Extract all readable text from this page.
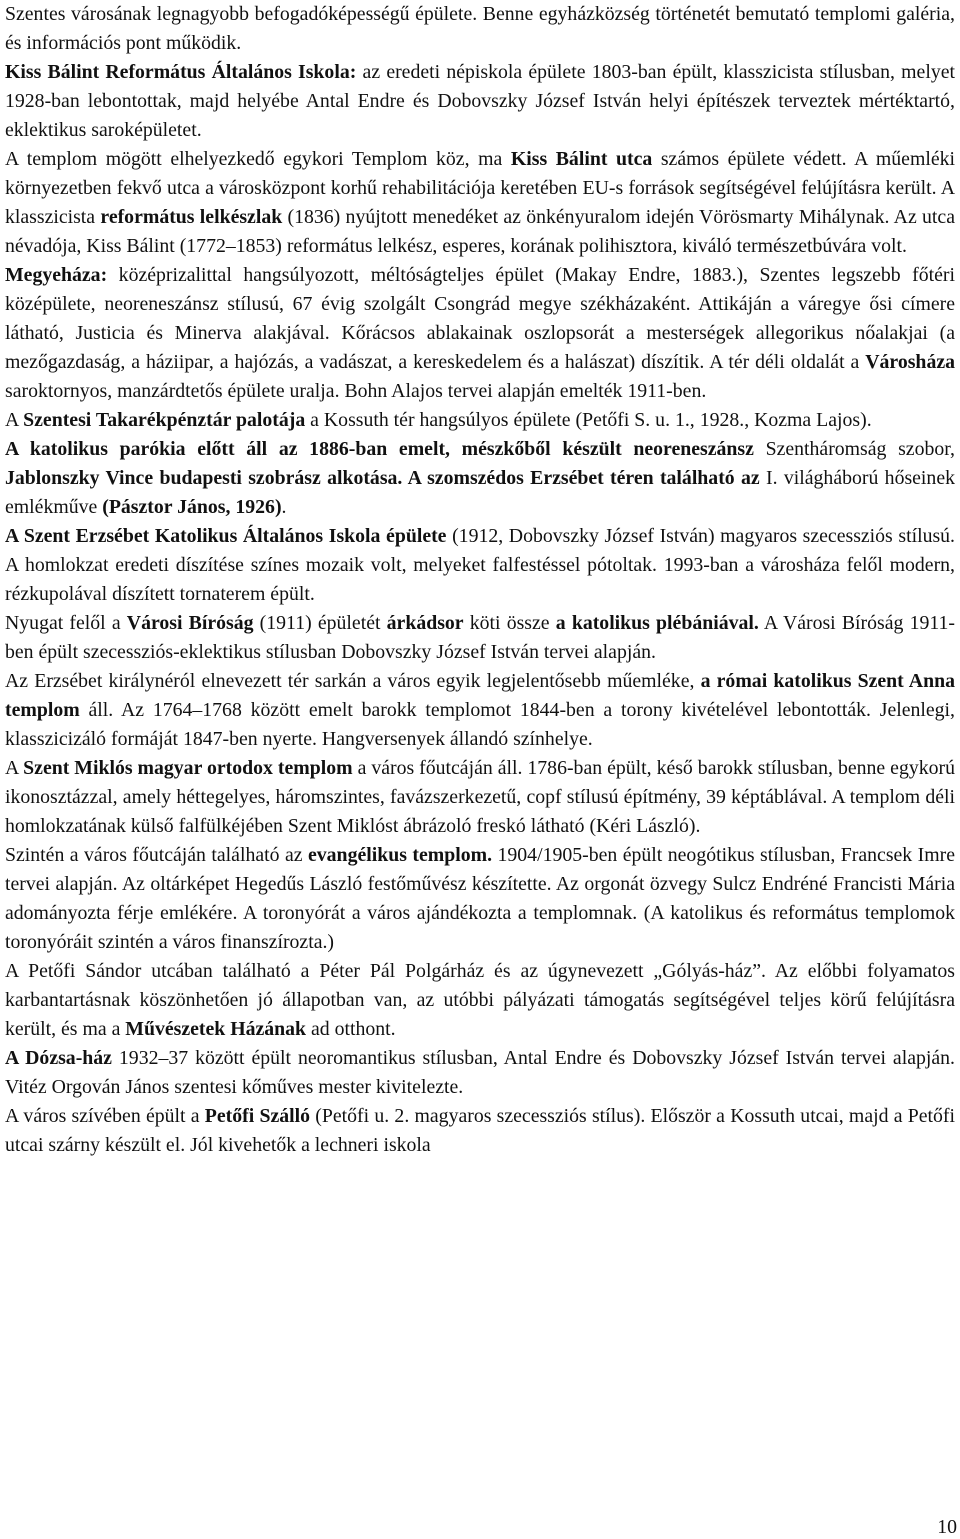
Szentes városának legnagyobb befogadóképességű épülete. Benne egyházközség történetét bemutató templomi galéria, és információs pont működik.

Kiss Bálint Református Általános Iskola: az eredeti népiskola épülete 1803-ban épült, klasszicista stílusban, melyet 1928-ban lebontottak, majd helyébe Antal Endre és Dobovszky József István helyi építészek terveztek mértéktartó, eklektikus saroképületet.

A templom mögött elhelyezkedő egykori Templom köz, ma Kiss Bálint utca számos épülete védett. A műemléki környezetben fekvő utca a városközpont korhű rehabilitációja keretében EU-s források segítségével felújításra került. A klasszicista református lelkészlak (1836) nyújtott menedéket az önkényuralom idején Vörösmarty Mihálynak. Az utca névadója, Kiss Bálint (1772–1853) református lelkész, esperes, korának polihisztora, kiváló természetbúvára volt.

Megyeháza: középrizalittal hangsúlyozott, méltóságteljes épület (Makay Endre, 1883.), Szentes legszebb főtéri középülete, neoreneszánsz stílusú, 67 évig szolgált Csongrád megye székházaként. Attikáján a váregye ősi címere látható, Justicia és Minerva alakjával. Kőrácsos ablakainak oszlopsorát a mesterségek allegorikus nőalakjai (a mezőgazdaság, a háziipar, a hajózás, a vadászat, a kereskedelem és a halászat) díszítik. A tér déli oldalát a Városháza saroktornyos, manzárdtetős épülete uralja. Bohn Alajos tervei alapján emelték 1911-ben.

A Szentesi Takarékpénztár palotája a Kossuth tér hangsúlyos épülete (Petőfi S. u. 1., 1928., Kozma Lajos).

A katolikus parókia előtt áll az 1886-ban emelt, mészkőből készült neoreneszánsz Szentháromság szobor, Jablonszky Vince budapesti szobrász alkotása. A szomszédos Erzsébet téren található az I. világháború hőseinek emlékműve (Pásztor János, 1926).

A Szent Erzsébet Katolikus Általános Iskola épülete (1912, Dobovszky József István) magyaros szecessziós stílusú. A homlokzat eredeti díszítése színes mozaik volt, melyeket falfestéssel pótoltak. 1993-ban a városháza felől modern, rézkupolával díszített tornaterem épült.

Nyugat felől a Városi Bíróság (1911) épületét árkádsor köti össze a katolikus plébániával. A Városi Bíróság 1911-ben épült szecessziós-eklektikus stílusban Dobovszky József István tervei alapján.

Az Erzsébet királynéról elnevezett tér sarkán a város egyik legjelentősebb műemléke, a római katolikus Szent Anna templom áll. Az 1764–1768 között emelt barokk templomot 1844-ben a torony kivételével lebontották. Jelenlegi, klasszicizáló formáját 1847-ben nyerte. Hangversenyek állandó színhelye.

A Szent Miklós magyar ortodox templom a város főutcáján áll. 1786-ban épült, késő barokk stílusban, benne egykorú ikonosztázzal, amely héttegelyes, háromszintes, favázszerkezetű, copf stílusú építmény, 39 képtáblával. A templom déli homlokzatának külső falfülkéjében Szent Miklóst ábrázoló freskó látható (Kéri László).

Szintén a város főutcáján található az evangélikus templom. 1904/1905-ben épült neogótikus stílusban, Francsek Imre tervei alapján. Az oltárképet Hegedűs László festőművész készítette. Az orgonát özvegy Sulcz Endréné Francisti Mária adományozta férje emlékére. A toronyórát a város ajándékozta a templomnak. (A katolikus és református templomok toronyóráit szintén a város finanszírozta.)

A Petőfi Sándor utcában található a Péter Pál Polgárház és az úgynevezett „Gólyás-ház”. Az előbbi folyamatos karbantartásnak köszönhetően jó állapotban van, az utóbbi pályázati támogatás segítségével teljes körű felújításra került, és ma a Művészetek Házának ad otthont.

A Dózsa-ház 1932–37 között épült neoromantikus stílusban, Antal Endre és Dobovszky József István tervei alapján. Vitéz Orgován János szentesi kőműves mester kivitelezte.

A város szívében épült a Petőfi Szálló (Petőfi u. 2. magyaros szecessziós stílus). Először a Kossuth utcai, majd a Petőfi utcai szárny készült el. Jól kivehetők a lechneri iskola

10
